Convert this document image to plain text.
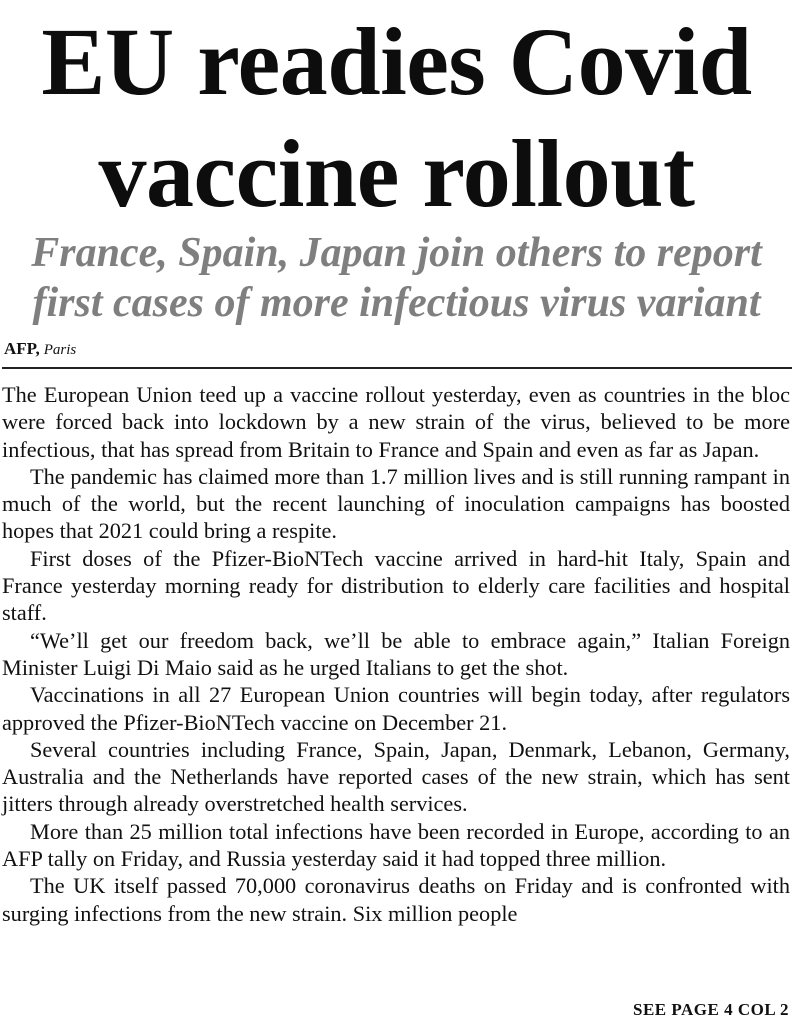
EU readies Covid
vaccine rollout
France, Spain, Japan join others to report
first cases of more infectious virus variant
AFP, Paris

The European Union teed up a vaccine rollout yesterday, even as countries in the bloc were forced back into lockdown by a new strain of the virus, believed to be more infectious, that has spread from Britain to France and Spain and even as far as Japan.

The pandemic has claimed more than 1.7 million lives and is still running rampant in much of the world, but the recent launching of inoculation campaigns has boosted hopes that 2021 could bring a respite.

First doses of the Pfizer-BioNTech vaccine arrived in hard-hit Italy, Spain and France yesterday morning ready for distribution to elderly care facilities and hospital staff.

“We’ll get our freedom back, we’ll be able to embrace again,” Italian Foreign Minister Luigi Di Maio said as he urged Italians to get the shot.

Vaccinations in all 27 European Union countries will begin today, after regulators approved the Pfizer-BioNTech vaccine on December 21.

Several countries including France, Spain, Japan, Denmark, Lebanon, Germany, Australia and the Netherlands have reported cases of the new strain, which has sent jitters through already overstretched health services.

More than 25 million total infections have been recorded in Europe, according to an AFP tally on Friday, and Russia yesterday said it had topped three million.

The UK itself passed 70,000 coronavirus deaths on Friday and is confronted with surging infections from the new strain. Six million people

SEE PAGE 4 COL 2
